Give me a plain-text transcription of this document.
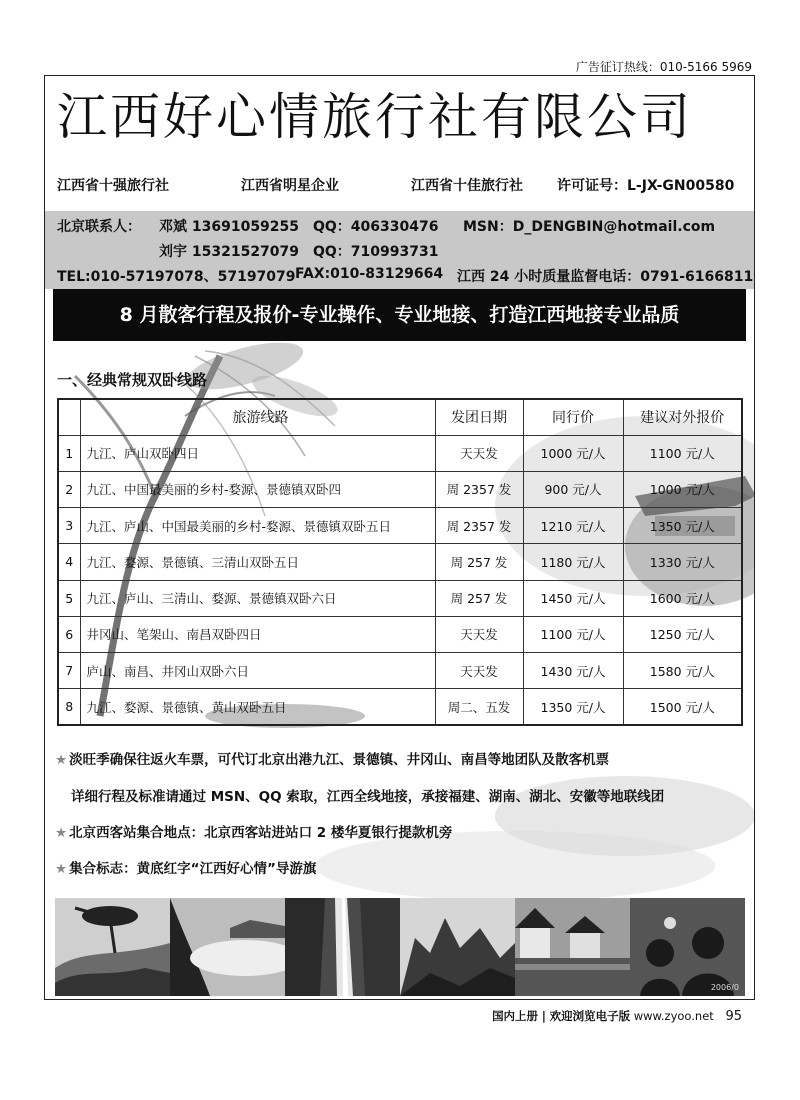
广告征订热线：010-5166 5969
江西好心情旅行社有限公司
江西省十强旅行社	江西省明星企业	江西省十佳旅行社 许可证号：L-JX-GN00580
北京联系人： 邓斌 13691059255 QQ：406330476 MSN：D_DENGBIN@hotmail.com
刘宇 15321527079 QQ：710993731
TEL:010-57197078、57197079 FAX:010-83129664 江西 24 小时质量监督电话：0791-6166811
8 月散客行程及报价-专业操作、专业地接、打造江西地接专业品质
一、经典常规双卧线路
	旅游线路	发团日期	同行价	建议对外报价
1	九江、庐山双卧四日	天天发	1000 元/人	1100 元/人
2	九江、中国最美丽的乡村-婺源、景德镇双卧四	周 2357 发	900 元/人	1000 元/人
3	九江、庐山、中国最美丽的乡村-婺源、景德镇双卧五日	周 2357 发	1210 元/人	1350 元/人
4	九江、婺源、景德镇、三清山双卧五日	周 257 发	1180 元/人	1330 元/人
5	九江、庐山、三清山、婺源、景德镇双卧六日	周 257 发	1450 元/人	1600 元/人
6	井冈山、笔架山、南昌双卧四日	天天发	1100 元/人	1250 元/人
7	庐山、南昌、井冈山双卧六日	天天发	1430 元/人	1580 元/人
8	九江、婺源、景德镇、黄山双卧五日	周二、五发	1350 元/人	1500 元/人
★ 淡旺季确保往返火车票，可代订北京出港九江、景德镇、井冈山、南昌等地团队及散客机票
详细行程及标准请通过 MSN、QQ 索取，江西全线地接，承接福建、湖南、湖北、安徽等地联线团
★ 北京西客站集合地点：北京西客站进站口 2 楼华夏银行提款机旁
★ 集合标志：黄底红字“江西好心情”导游旗
2006/0
国内上册 | 欢迎浏览电子版 www.zyoo.net 95
